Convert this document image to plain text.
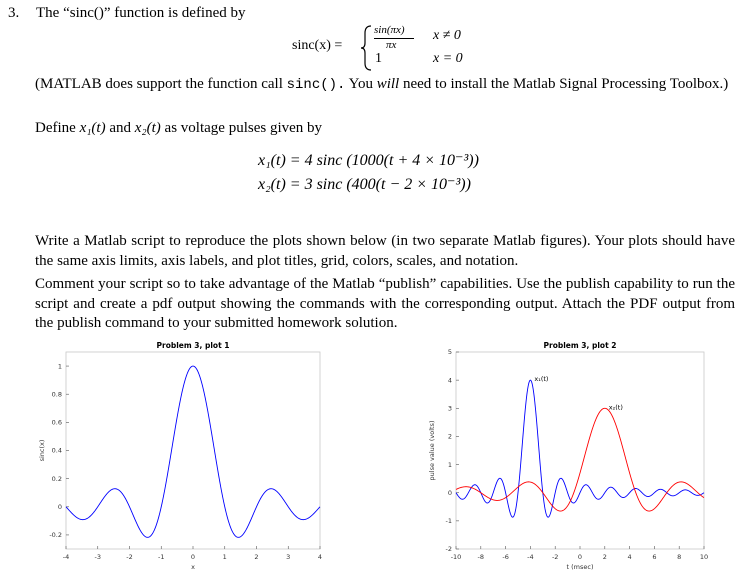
3. The “sinc()” function is defined by
sinc(x) =
sin(πx)
πx
x ≠ 0
1	x = 0
(MATLAB does support the function call sinc(). You will need to install the Matlab Signal Processing Toolbox.)
Define x₁(t) and x₂(t) as voltage pulses given by
x₁(t) = 4 sinc (1000(t + 4 × 10⁻³))
x₂(t) = 3 sinc (400(t − 2 × 10⁻³))
Write a Matlab script to reproduce the plots shown below (in two separate Matlab figures). Your plots should have the same axis limits, axis labels, and plot titles, grid, colors, scales, and notation.
Comment your script so to take advantage of the Matlab “publish” capabilities. Use the publish capability to run the script and create a pdf output showing the commands with the corresponding output. Attach the PDF output from the publish command to your submitted homework solution.
-4	-3	-2	-1	0	1	2	3	4
-0.2
0
0.2
0.4
0.6
0.8
1
Problem 3, plot 1
x
sinc(x)
-10 -8	-6	-4	-2	0	2	4	6	8	10
-2
-1
0
1
2
3
4
5
x₁(t)
x₂(t)
Problem 3, plot 2
t (msec)
pulse value (volts)
